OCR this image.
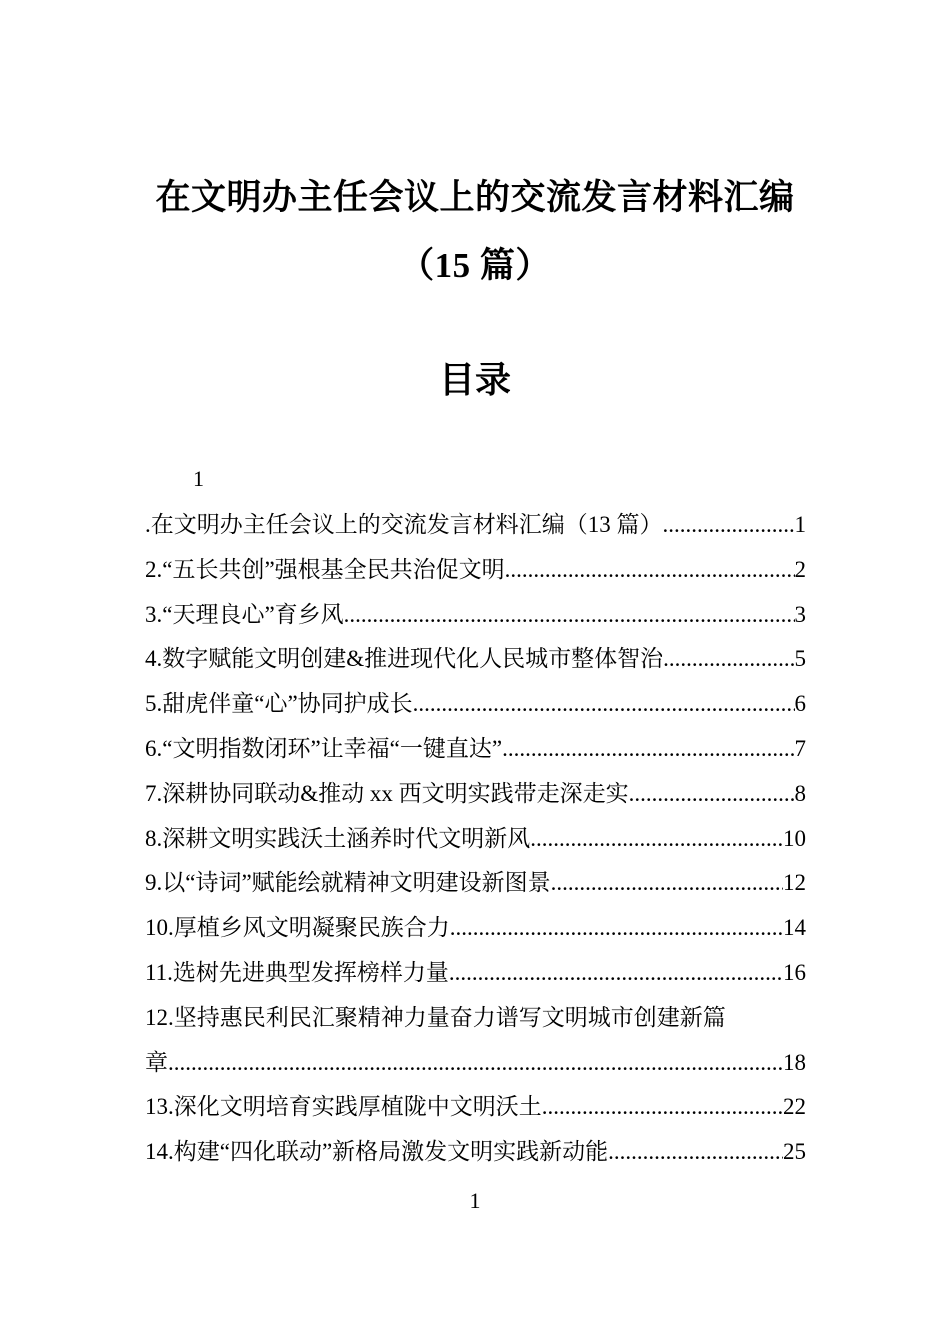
在文明办主任会议上的交流发言材料汇编
（15 篇）
目录
1
.在文明办主任会议上的交流发言材料汇编（13 篇） .....	1
2.“五长共创”强根基全民共治促文明 .....	2
3.“天理良心”育乡风 .....	3
4.数字赋能文明创建&推进现代化人民城市整体智治 .....	5
5.甜虎伴童“心”协同护成长 .....	6
6.“文明指数闭环”让幸福“一键直达” .....	7
7.深耕协同联动&推动 xx 西文明实践带走深走实 .....	8
8.深耕文明实践沃土涵养时代文明新风 .....	10
9.以“诗词”赋能绘就精神文明建设新图景 .....	12
10.厚植乡风文明凝聚民族合力 .....	14
11.选树先进典型发挥榜样力量 .....	16
12.坚持惠民利民汇聚精神力量奋力谱写文明城市创建新篇
章 .....	18
13.深化文明培育实践厚植陇中文明沃土 .....	22
14.构建“四化联动”新格局激发文明实践新动能 .....	25
1
